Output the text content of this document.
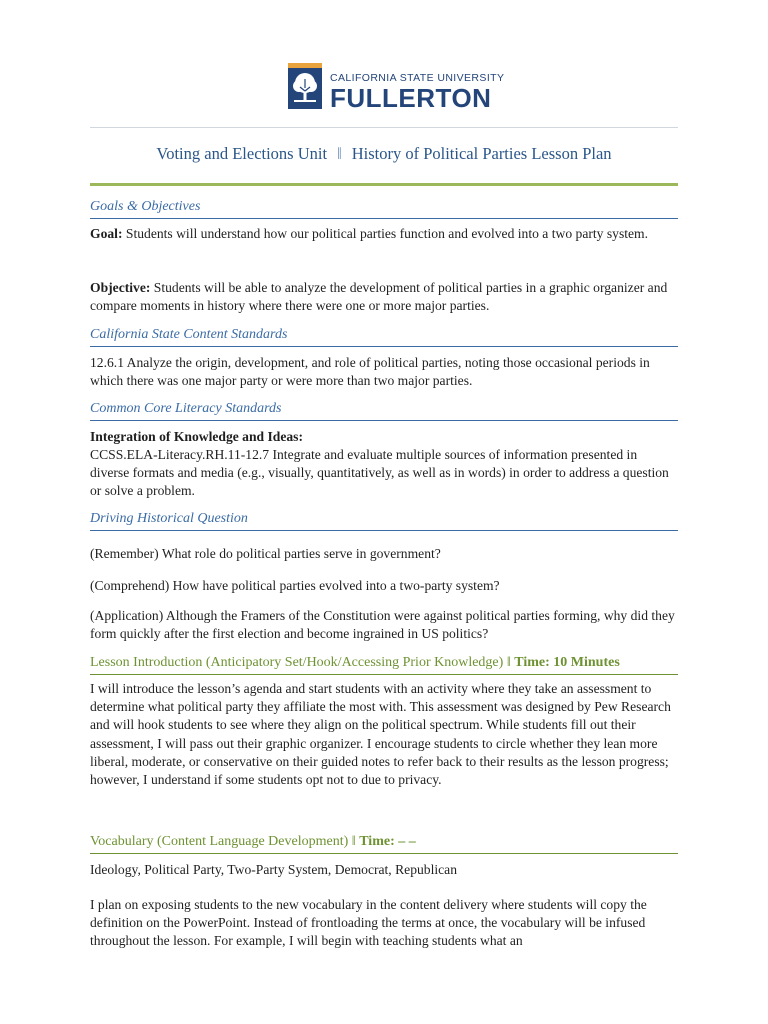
CALIFORNIA STATE UNIVERSITY
FULLERTON
Voting and Elections Unit ‖ History of Political Parties Lesson Plan
Goals & Objectives
Goal: Students will understand how our political parties function and evolved into a two party system.
Objective: Students will be able to analyze the development of political parties in a graphic organizer and compare moments in history where there were one or more major parties.
California State Content Standards
12.6.1 Analyze the origin, development, and role of political parties, noting those occasional periods in which there was one major party or were more than two major parties.
Common Core Literacy Standards
Integration of Knowledge and Ideas:
CCSS.ELA-Literacy.RH.11-12.7 Integrate and evaluate multiple sources of information presented in diverse formats and media (e.g., visually, quantitatively, as well as in words) in order to address a question or solve a problem.
Driving Historical Question
(Remember) What role do political parties serve in government?
(Comprehend) How have political parties evolved into a two-party system?
(Application) Although the Framers of the Constitution were against political parties forming, why did they form quickly after the first election and become ingrained in US politics?
Lesson Introduction (Anticipatory Set/Hook/Accessing Prior Knowledge) ‖ Time: 10 Minutes
I will introduce the lesson’s agenda and start students with an activity where they take an assessment to determine what political party they affiliate the most with. This assessment was designed by Pew Research and will hook students to see where they align on the political spectrum. While students fill out their assessment, I will pass out their graphic organizer. I encourage students to circle whether they lean more liberal, moderate, or conservative on their guided notes to refer back to their results as the lesson progress; however, I understand if some students opt not to due to privacy.
Vocabulary (Content Language Development) ‖ Time: – –
Ideology, Political Party, Two-Party System, Democrat, Republican
I plan on exposing students to the new vocabulary in the content delivery where students will copy the definition on the PowerPoint. Instead of frontloading the terms at once, the vocabulary will be infused throughout the lesson. For example, I will begin with teaching students what an
